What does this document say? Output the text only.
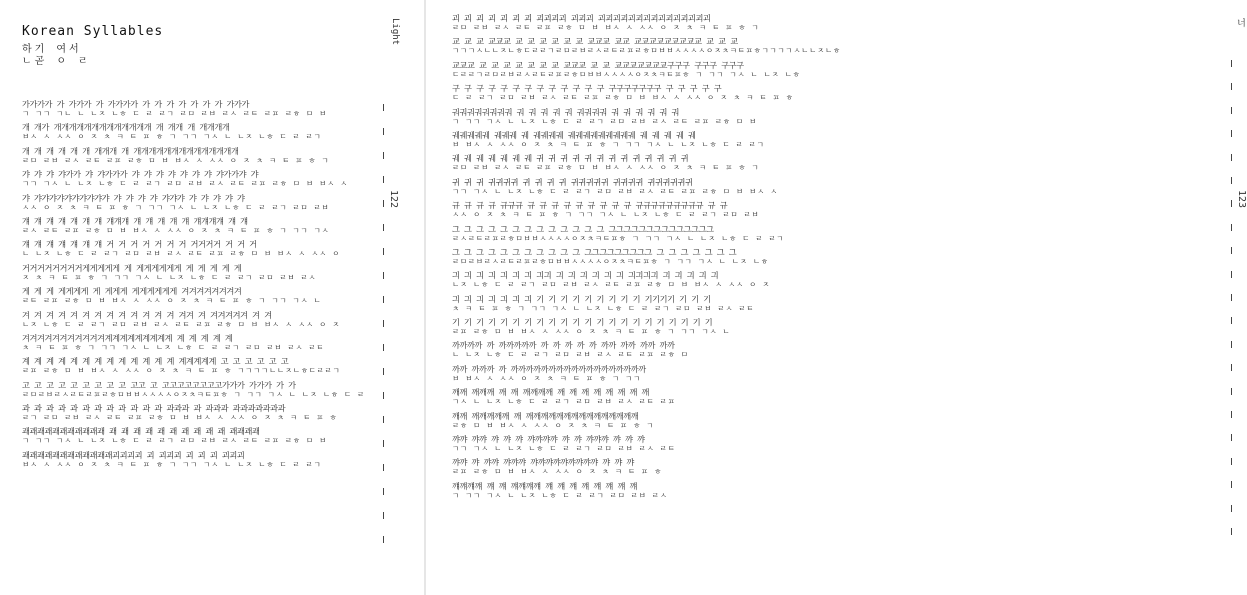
Korean Syllables
하기 여서
ㄴ곧 ㅇ ㄹ
가가가가 가 가가가 가 가가가가 가 가 가 가 가 가 가 가가가
ㄱ ㄱㄱ ㄱㄴ ㄴ ㄴㅈ ㄴㅎ ㄷ ㄹ ㄹㄱ ㄹㅁ ㄹㅂ ㄹㅅ ㄹㅌ ㄹㅍ ㄹㅎ ㅁ ㅂ
개 개가 개개개개개개개개개개개개개 개 개개 개 개개개개
ㅂㅅ ㅅ ㅅㅅ ㅇ ㅈ ㅊ ㅋ ㅌ ㅍ ㅎ ㄱ ㄱㄱ ㄱㅅ ㄴ ㄴㅈ ㄴㅎ ㄷ ㄹ ㄹㄱ
개 개 개 개 개 개 개개개 개 개개개개개개개개개개개개개개
ㄹㅁ ㄹㅂ ㄹㅅ ㄹㅌ ㄹㅍ ㄹㅎ ㅁ ㅂ ㅂㅅ ㅅ ㅅㅅ ㅇ ㅈ ㅊ ㅋ ㅌ ㅍ ㅎ ㄱ
갸 갸 갸 갸가가 갸 갸가가가 갸 갸 갸 갸 갸 갸 갸 갸가가갸 갸
ㄱㄱ ㄱㅅ ㄴ ㄴㅈ ㄴㅎ ㄷ ㄹ ㄹㄱ ㄹㅁ ㄹㅂ ㄹㅅ ㄹㅌ ㄹㅍ ㄹㅎ ㅁ ㅂ ㅂㅅ ㅅ
갸 갸갸갸갸갸갸갸갸갸갸 갸 갸 갸 갸 갸갸갸 갸 갸 갸 갸 갸
ㅅㅅ ㅇ ㅈ ㅊ ㅋ ㅌ ㅍ ㅎ ㄱ ㄱㄱ ㄱㅅ ㄴ ㄴㅈ ㄴㅎ ㄷ ㄹ ㄹㄱ ㄹㅁ ㄹㅂ
걔 걔 걔 걔 걔 걔 걔 걔걔걔 걔 걔 걔 걔 걔 걔걔걔걔 걔 걔
ㄹㅅ ㄹㅌ ㄹㅍ ㄹㅎ ㅁ ㅂ ㅂㅅ ㅅ ㅅㅅ ㅇ ㅈ ㅊ ㅋ ㅌ ㅍ ㅎ ㄱ ㄱㄱ ㄱㅅ
걔 걔 걔 걔 걔 걔 걔 거 거 거 거 거 거 거 거거거거 거 거 거
ㄴ ㄴㅈ ㄴㅎ ㄷ ㄹ ㄹㄱ ㄹㅁ ㄹㅂ ㄹㅅ ㄹㅌ ㄹㅍ ㄹㅎ ㅁ ㅂ ㅂㅅ ㅅ ㅅㅅ ㅇ
거거거거거거거거게게게게게 게 게게게게게게 게 게 게 게 게
ㅈ ㅊ ㅋ ㅌ ㅍ ㅎ ㄱ ㄱㄱ ㄱㅅ ㄴ ㄴㅈ ㄴㅎ ㄷ ㄹ ㄹㄱ ㄹㅁ ㄹㅂ ㄹㅅ
게 게 게 게게게게 게 게게게 게게게게게게 겨겨겨겨겨겨겨겨
ㄹㅌ ㄹㅍ ㄹㅎ ㅁ ㅂ ㅂㅅ ㅅ ㅅㅅ ㅇ ㅈ ㅊ ㅋ ㅌ ㅍ ㅎ ㄱ ㄱㄱ ㄱㅅ ㄴ
겨 겨 겨 겨 겨 겨 겨 겨 겨 겨 겨 겨 겨 겨겨 겨 겨겨겨겨겨 겨 겨
ㄴㅈ ㄴㅎ ㄷ ㄹ ㄹㄱ ㄹㅁ ㄹㅂ ㄹㅅ ㄹㅌ ㄹㅍ ㄹㅎ ㅁ ㅂ ㅂㅅ ㅅ ㅅㅅ ㅇ ㅈ
겨겨겨겨겨겨겨겨겨겨겨계계계계계계계계계 계 계 계 계 계
ㅊ ㅋ ㅌ ㅍ ㅎ ㄱ ㄱㄱ ㄱㅅ ㄴ ㄴㅈ ㄴㅎ ㄷ ㄹ ㄹㄱ ㄹㅁ ㄹㅂ ㄹㅅ ㄹㅌ
계 계 계 계 계 계 계 계 계 계 계 계 계 계계계계계 고 고 고 고 고 고
ㄹㅍ ㄹㅎ ㅁ ㅂ ㅂㅅ ㅅ ㅅㅅ ㅇ ㅈ ㅊ ㅋ ㅌ ㅍ ㅎ ㄱㄱㄱㄱㄴㄴㅈㄴㅎㄷㄹㄹㄱ
고 고 고 고 고 고 고 고 고 고고 고 고고고고고고고고가가가 가가가 가 가
ㄹㅁㄹㅂㄹㅅㄹㅌㄹㅍㄹㅎㅁㅂㅂㅅㅅㅅㅅㅇㅈㅊㅋㅌㅍㅎ ㄱ ㄱㄱ ㄱㅅ ㄴ ㄴㅈ ㄴㅎ ㄷ ㄹ
과 과 과 과 과 과 과 과 과 과 과 과 과과과 과 과과과 과과과과과과과
ㄹㄱ ㄹㅁ ㄹㅂ ㄹㅅ ㄹㅌ ㄹㅍ ㄹㅎ ㅁ ㅂ ㅂㅅ ㅅ ㅅㅅ ㅇ ㅈ ㅊ ㅋ ㅌ ㅍ ㅎ
괘괘괘괘괘괘괘괘괘괘괘 괘 괘 괘 괘 괘 괘 괘 괘 괘 괘 괘괘괘괘
ㄱ ㄱㄱ ㄱㅅ ㄴ ㄴㅈ ㄴㅎ ㄷ ㄹ ㄹㄱ ㄹㅁ ㄹㅂ ㄹㅅ ㄹㅌ ㄹㅍ ㄹㅎ ㅁ ㅂ
괘괘괘괘괘괘괘괘괘괘괘괘괴괴괴괴 괴 괴괴괴 괴 괴 괴 괴괴괴
ㅂㅅ ㅅ ㅅㅅ ㅇ ㅈ ㅊ ㅋ ㅌ ㅍ ㅎ ㄱ ㄱㄱ ㄱㅅ ㄴ ㄴㅈ ㄴㅎ ㄷ ㄹ ㄹㄱ
Light
122
괴 괴 괴 괴 괴 괴 괴 괴괴괴괴 괴괴괴 괴괴괴괴괴괴괴괴괴괴괴괴괴괴괴
ㄹㅁ ㄹㅂ ㄹㅅ ㄹㅌ ㄹㅍ ㄹㅎ ㅁ ㅂ ㅂㅅ ㅅ ㅅㅅ ㅇ ㅈ ㅊ ㅋ ㅌ ㅍ ㅎ ㄱ
교 교 교 교교교 교 교 교 교 교 교 교교교 교교 교교교교교교교교교 교 교 교
ㄱㄱㄱㅅㄴㄴㅈㄴㅎㄷㄹㄹㄱㄹㅁㄹㅂㄹㅅㄹㅌㄹㅍㄹㅎㅁㅂㅂㅅㅅㅅㅅㅇㅈㅊㅋㅌㅍㅎㄱㄱㄱㄱㅅㄴㄴㅈㄴㅎ
교교교 교 교 교 교 교 교 교 교교교 교 교 교교교교교교교구구구 구구구 구구구
ㄷㄹㄹㄱㄹㅁㄹㅂㄹㅅㄹㅌㄹㅍㄹㅎㅁㅂㅂㅅㅅㅅㅅㅇㅈㅊㅋㅌㅍㅎ ㄱ ㄱㄱ ㄱㅅ ㄴ ㄴㅈ ㄴㅎ
구 구 구 구 구 구 구 구 구 구 구 구 구 구구구구구구구 구 구 구 구 구
ㄷ ㄹ ㄹㄱ ㄹㅁ ㄹㅂ ㄹㅅ ㄹㅌ ㄹㅍ ㄹㅎ ㅁ ㅂ ㅂㅅ ㅅ ㅅㅅ ㅇ ㅈ ㅊ ㅋ ㅌ ㅍ ㅎ
궈궈궈궈궈궈궈궈 궈 궈 궈 궈 궈 궈궈궈궈 궈 궈 궈 궈 궈 궈
ㄱ ㄱㄱ ㄱㅅ ㄴ ㄴㅈ ㄴㅎ ㄷ ㄹ ㄹㄱ ㄹㅁ ㄹㅂ ㄹㅅ ㄹㅌ ㄹㅍ ㄹㅎ ㅁ ㅂ
궤궤궤궤궤 궤궤궤 궤 궤궤궤궤 궤궤궤궤궤궤궤궤궤 궤 궤 궤 궤 궤
ㅂ ㅂㅅ ㅅ ㅅㅅ ㅇ ㅈ ㅊ ㅋ ㅌ ㅍ ㅎ ㄱ ㄱㄱ ㄱㅅ ㄴ ㄴㅈ ㄴㅎ ㄷ ㄹ ㄹㄱ
궤 궤 궤 궤 궤 궤 궤 귀 귀 귀 귀 귀 귀 귀 귀 귀 귀 귀 귀 귀
ㄹㅁ ㄹㅂ ㄹㅅ ㄹㅌ ㄹㅍ ㄹㅎ ㅁ ㅂ ㅂㅅ ㅅ ㅅㅅ ㅇ ㅈ ㅊ ㅋ ㅌ ㅍ ㅎ ㄱ
귀 귀 귀 귀귀귀귀 귀 귀 귀 귀 귀귀귀귀귀 귀귀귀귀 귀귀귀귀귀귀
ㄱㄱ ㄱㅅ ㄴ ㄴㅈ ㄴㅎ ㄷ ㄹ ㄹㄱ ㄹㅁ ㄹㅂ ㄹㅅ ㄹㅌ ㄹㅍ ㄹㅎ ㅁ ㅂ ㅂㅅ ㅅ
규 규 규 규 규규규 규 규 규 규 규 규 규 규 규 규규규규규규규규규 규 규
ㅅㅅ ㅇ ㅈ ㅊ ㅋ ㅌ ㅍ ㅎ ㄱ ㄱㄱ ㄱㅅ ㄴ ㄴㅈ ㄴㅎ ㄷ ㄹ ㄹㄱ ㄹㅁ ㄹㅂ
그 그 그 그 그 그 그 그 그 그 그 그 그 그그그그그그그그그그그그그그
ㄹㅅㄹㅌㄹㅍㄹㅎㅁㅂㅂㅅㅅㅅㅅㅇㅈㅊㅋㅌㅍㅎ ㄱ ㄱㄱ ㄱㅅ ㄴ ㄴㅈ ㄴㅎ ㄷ ㄹ ㄹㄱ
그 그 그 그 그 그 그 그 그 그 그 그그그그그그그그그 그 그 그 그 그 그 그
ㄹㅁㄹㅂㄹㅅㄹㅌㄹㅍㄹㅎㅁㅂㅂㅅㅅㅅㅅㅇㅈㅊㅋㅌㅍㅎ ㄱ ㄱㄱ ㄱㅅ ㄴ ㄴㅈ ㄴㅎ
긔 긔 긔 긔 긔 긔 긔 긔긔 긔 긔 긔 긔 긔 긔 긔긔긔긔 긔 긔 긔 긔 긔
ㄴㅈ ㄴㅎ ㄷ ㄹ ㄹㄱ ㄹㅁ ㄹㅂ ㄹㅅ ㄹㅌ ㄹㅍ ㄹㅎ ㅁ ㅂ ㅂㅅ ㅅ ㅅㅅ ㅇ ㅈ
긔 긔 긔 긔 긔 긔 긔 기 기 기 기 기 기 기 기 기 기기기기 기 기 기
ㅊ ㅋ ㅌ ㅍ ㅎ ㄱ ㄱㄱ ㄱㅅ ㄴ ㄴㅈ ㄴㅎ ㄷ ㄹ ㄹㄱ ㄹㅁ ㄹㅂ ㄹㅅ ㄹㅌ
기 기 기 기 기 기 기 기 기 기 기 기 기 기 기 기 기 기 기 기 기 기
ㄹㅍ ㄹㅎ ㅁ ㅂ ㅂㅅ ㅅ ㅅㅅ ㅇ ㅈ ㅊ ㅋ ㅌ ㅍ ㅎ ㄱ ㄱㄱ ㄱㅅ ㄴ
까까까까 까 까까까까까 까 까 까 까 까 까까 까까 까까 까까
ㄴ ㄴㅈ ㄴㅎ ㄷ ㄹ ㄹㄱ ㄹㅁ ㄹㅂ ㄹㅅ ㄹㅌ ㄹㅍ ㄹㅎ ㅁ
까까 까까까 까 까까까까까까까까까까까까까까까까까까
ㅂ ㅂㅅ ㅅ ㅅㅅ ㅇ ㅈ ㅊ ㅋ ㅌ ㅍ ㅎ ㄱ ㄱㄱ
깨깨 깨깨깨 깨 깨 깨깨깨깨 깨 깨 깨 깨 깨 깨 깨 깨
ㄱㅅ ㄴ ㄴㅈ ㄴㅎ ㄷ ㄹ ㄹㄱ ㄹㅁ ㄹㅂ ㄹㅅ ㄹㅌ ㄹㅍ
깨깨 깨깨깨깨깨 깨 깨깨깨깨깨깨깨깨깨깨깨깨깨깨깨
ㄹㅎ ㅁ ㅂ ㅂㅅ ㅅ ㅅㅅ ㅇ ㅈ ㅊ ㅋ ㅌ ㅍ ㅎ ㄱ
꺄꺄 꺄꺄 꺄 꺄 꺄 꺄꺄꺄꺄 꺄 꺄 꺄꺄꺄 꺄 꺄 꺄
ㄱㄱ ㄱㅅ ㄴ ㄴㅈ ㄴㅎ ㄷ ㄹ ㄹㄱ ㄹㅁ ㄹㅂ ㄹㅅ ㄹㅌ
꺄꺄 꺄 꺄꺄 꺄꺄꺄 꺄꺄꺄꺄꺄꺄꺄꺄꺄 꺄 꺄 꺄
ㄹㅍ ㄹㅎ ㅁ ㅂ ㅂㅅ ㅅ ㅅㅅ ㅇ ㅈ ㅊ ㅋ ㅌ ㅍ ㅎ
꺠꺠꺠꺠 꺠 꺠 꺠꺠꺠꺠 꺠 꺠 꺠 꺠 꺠 꺠 꺠 꺠
ㄱ ㄱㄱ ㄱㅅ ㄴ ㄴㅈ ㄴㅎ ㄷ ㄹ ㄹㄱ ㄹㅁ ㄹㅂ ㄹㅅ
너
123
